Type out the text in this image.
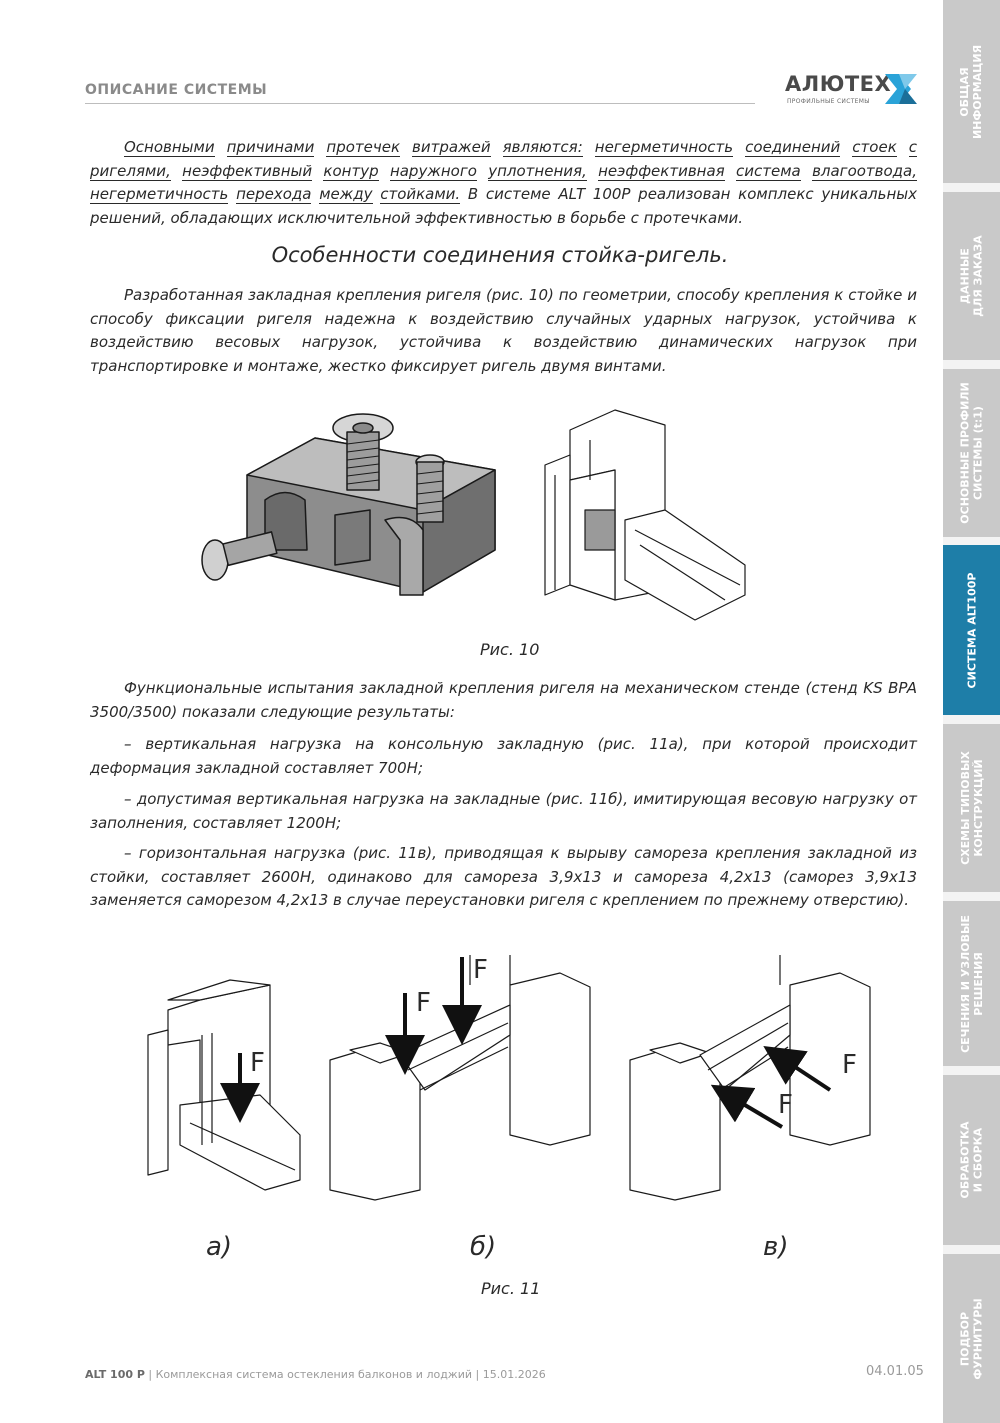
ОПИСАНИЕ СИСТЕМЫ	АЛЮТЕХ
ПРОФИЛЬНЫЕ СИСТЕМЫ

Основными причинами протечек витражей являются: негерметичность соединений стоек с ригелями, неэффективный контур наружного уплотнения, неэффективная система влагоотвода, негерметичность перехода между стойками. В системе ALT 100P реализован комплекс уникальных решений, обладающих исключительной эффективностью в борьбе с протечками.

Особенности соединения стойка-ригель.

Разработанная закладная крепления ригеля (рис. 10) по геометрии, способу крепления к стойке и способу фиксации ригеля надежна к воздействию случайных ударных нагрузок, устойчива к воздействию весовых нагрузок, устойчива к воздействию динамических нагрузок при транспортировке и монтаже, жестко фиксирует ригель двумя винтами.

Рис. 10

Функциональные испытания закладной крепления ригеля на механическом стенде (стенд KS BPA 3500/3500) показали следующие результаты:

– вертикальная нагрузка на консольную закладную (рис. 11а), при которой происходит деформация закладной составляет 700Н;

– допустимая вертикальная нагрузка на закладные (рис. 11б), имитирующая весовую нагрузку от заполнения, составляет 1200Н;

– горизонтальная нагрузка (рис. 11в), приводящая к вырыву самореза крепления закладной из стойки, составляет 2600Н, одинаково для самореза 3,9х13 и самореза 4,2х13 (саморез 3,9х13 заменяется саморезом 4,2х13 в случае переустановки ригеля с креплением по прежнему отверстию).

F
F
F
F
F
а)	б)	в)
Рис. 11
ALT 100 P | Комплексная система остекления балконов и лоджий | 15.01.2026	04.01.05
ОБЩАЯ
ИНФОРМАЦИЯ
ДАННЫЕ
ДЛЯ ЗАКАЗА
ОСНОВНЫЕ ПРОФИЛИ
СИСТЕМЫ (t:1)
СИСТЕМА ALT100P
СХЕМЫ ТИПОВЫХ
КОНСТРУКЦИЙ
СЕЧЕНИЯ И УЗЛОВЫЕ
РЕШЕНИЯ
ОБРАБОТКА
И СБОРКА
ПОДБОР
ФУРНИТУРЫ
